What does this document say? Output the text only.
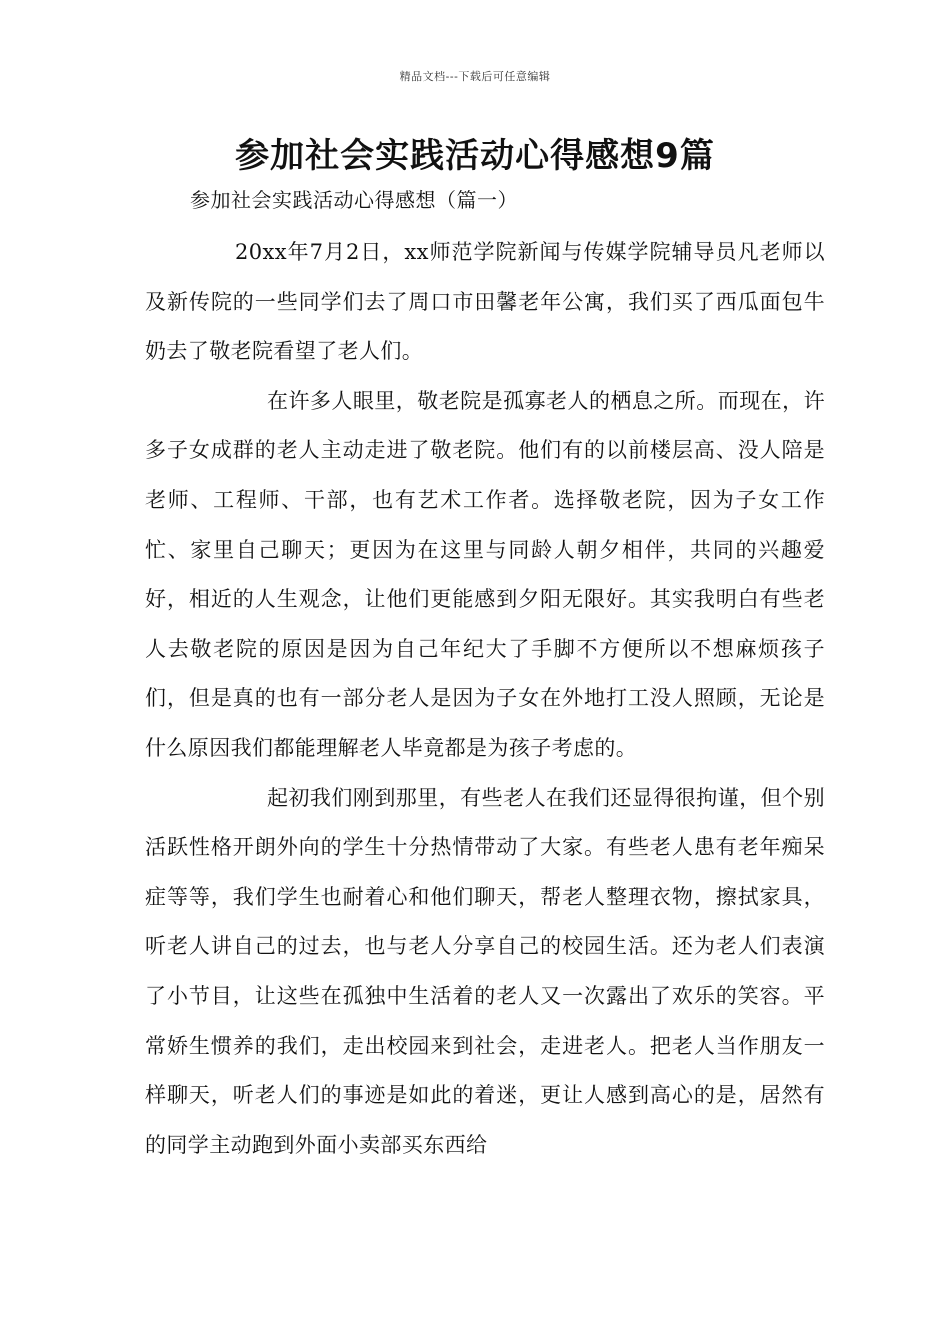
精品文档---下载后可任意编辑
参加社会实践活动心得感想9篇
参加社会实践活动心得感想（篇一）

20xx年7月2日，xx师范学院新闻与传媒学院辅导员凡老师以及新传院的一些同学们去了周口市田馨老年公寓，我们买了西瓜面包牛奶去了敬老院看望了老人们。

在许多人眼里，敬老院是孤寡老人的栖息之所。而现在，许多子女成群的老人主动走进了敬老院。他们有的以前楼层高、没人陪是老师、工程师、干部，也有艺术工作者。选择敬老院，因为子女工作忙、家里自己聊天；更因为在这里与同龄人朝夕相伴，共同的兴趣爱好，相近的人生观念，让他们更能感到夕阳无限好。其实我明白有些老人去敬老院的原因是因为自己年纪大了手脚不方便所以不想麻烦孩子们，但是真的也有一部分老人是因为子女在外地打工没人照顾，无论是什么原因我们都能理解老人毕竟都是为孩子考虑的。

起初我们刚到那里，有些老人在我们还显得很拘谨，但个别活跃性格开朗外向的学生十分热情带动了大家。有些老人患有老年痴呆症等等，我们学生也耐着心和他们聊天，帮老人整理衣物，擦拭家具，听老人讲自己的过去，也与老人分享自己的校园生活。还为老人们表演了小节目，让这些在孤独中生活着的老人又一次露出了欢乐的笑容。平常娇生惯养的我们，走出校园来到社会，走进老人。把老人当作朋友一样聊天，听老人们的事迹是如此的着迷，更让人感到高心的是，居然有的同学主动跑到外面小卖部买东西给
